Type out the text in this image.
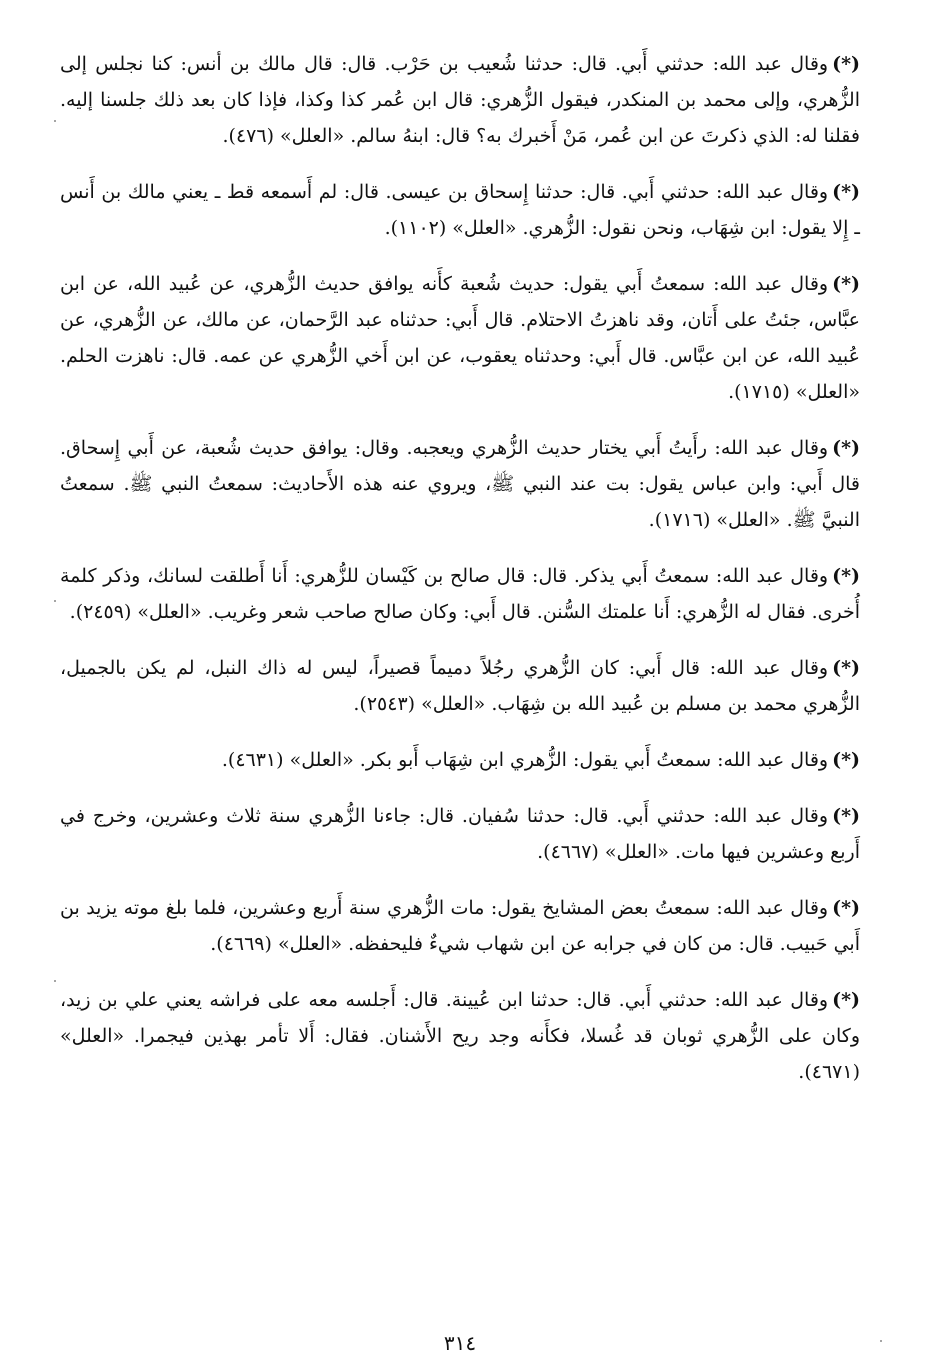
(*)وقال عبد الله: حدثني أَبي. قال: حدثنا شُعيب بن حَرْب. قال: قال مالك بن أنس: كنا نجلس إلى الزُّهري، وإلى محمد بن المنكدر، فيقول الزُّهري: قال ابن عُمر كذا وكذا، فإذا كان بعد ذلك جلسنا إليه. فقلنا له: الذي ذكرتَ عن ابن عُمر، مَنْ أَخبرك به؟ قال: ابنهُ سالم. «العلل» (٤٧٦).

(*)وقال عبد الله: حدثني أَبي. قال: حدثنا إِسحاق بن عيسى. قال: لم أَسمعه قط ـ يعني مالك بن أَنس ـ إِلا يقول: ابن شِهَاب، ونحن نقول: الزُّهري. «العلل» (١١٠٢).

(*)وقال عبد الله: سمعتُ أَبي يقول: حديث شُعبة كأَنه يوافق حديث الزُّهري، عن عُبيد الله، عن ابن عبَّاس، جئتُ على أَتان، وقد ناهزتُ الاحتلام. قال أَبي: حدثناه عبد الرَّحمان، عن مالك، عن الزُّهري، عن عُبيد الله، عن ابن عبَّاس. قال أَبي: وحدثناه يعقوب، عن ابن أَخي الزُّهري عن عمه. قال: ناهزت الحلم. «العلل» (١٧١٥).

(*)وقال عبد الله: رأَيتُ أَبي يختار حديث الزُّهري ويعجبه. وقال: يوافق حديث شُعبة، عن أَبي إِسحاق. قال أَبي: وابن عباس يقول: بت عند النبي ﷺ، ويروي عنه هذه الأَحاديث: سمعتُ النبي ﷺ. سمعتُ النبيَّ ﷺ. «العلل» (١٧١٦).

(*)وقال عبد الله: سمعتُ أَبي يذكر. قال: قال صالح بن كَيْسان للزُّهري: أَنا أَطلقت لسانك، وذكر كلمة أُخرى. فقال له الزُّهري: أَنا علمتك السُّنن. قال أَبي: وكان صالح صاحب شعر وغريب. «العلل» (٢٤٥٩).

(*)وقال عبد الله: قال أَبي: كان الزُّهري رجُلاً دميماً قصيراً، ليس له ذاك النبل، لم يكن بالجميل، الزُّهري محمد بن مسلم بن عُبيد الله بن شِهَاب. «العلل» (٢٥٤٣).

(*)وقال عبد الله: سمعتُ أَبي يقول: الزُّهري ابن شِهَاب أَبو بكر. «العلل» (٤٦٣١).

(*)وقال عبد الله: حدثني أَبي. قال: حدثنا سُفيان. قال: جاءنا الزُّهري سنة ثلاث وعشرين، وخرج في أَربع وعشرين فيها مات. «العلل» (٤٦٦٧).

(*)وقال عبد الله: سمعتُ بعض المشايخ يقول: مات الزُّهري سنة أَربع وعشرين، فلما بلغ موته يزيد بن أَبي حَبيب. قال: من كان في جرابه عن ابن شهاب شيءٌ فليحفظه. «العلل» (٤٦٦٩).

(*)وقال عبد الله: حدثني أَبي. قال: حدثنا ابن عُيينة. قال: أَجلسه معه على فراشه يعني علي بن زيد، وكان على الزُّهري ثوبان قد غُسلا، فكأَنه وجد ريح الأَشنان. فقال: أَلا تأمر بهذين فيجمرا. «العلل» (٤٦٧١).

٣١٤
